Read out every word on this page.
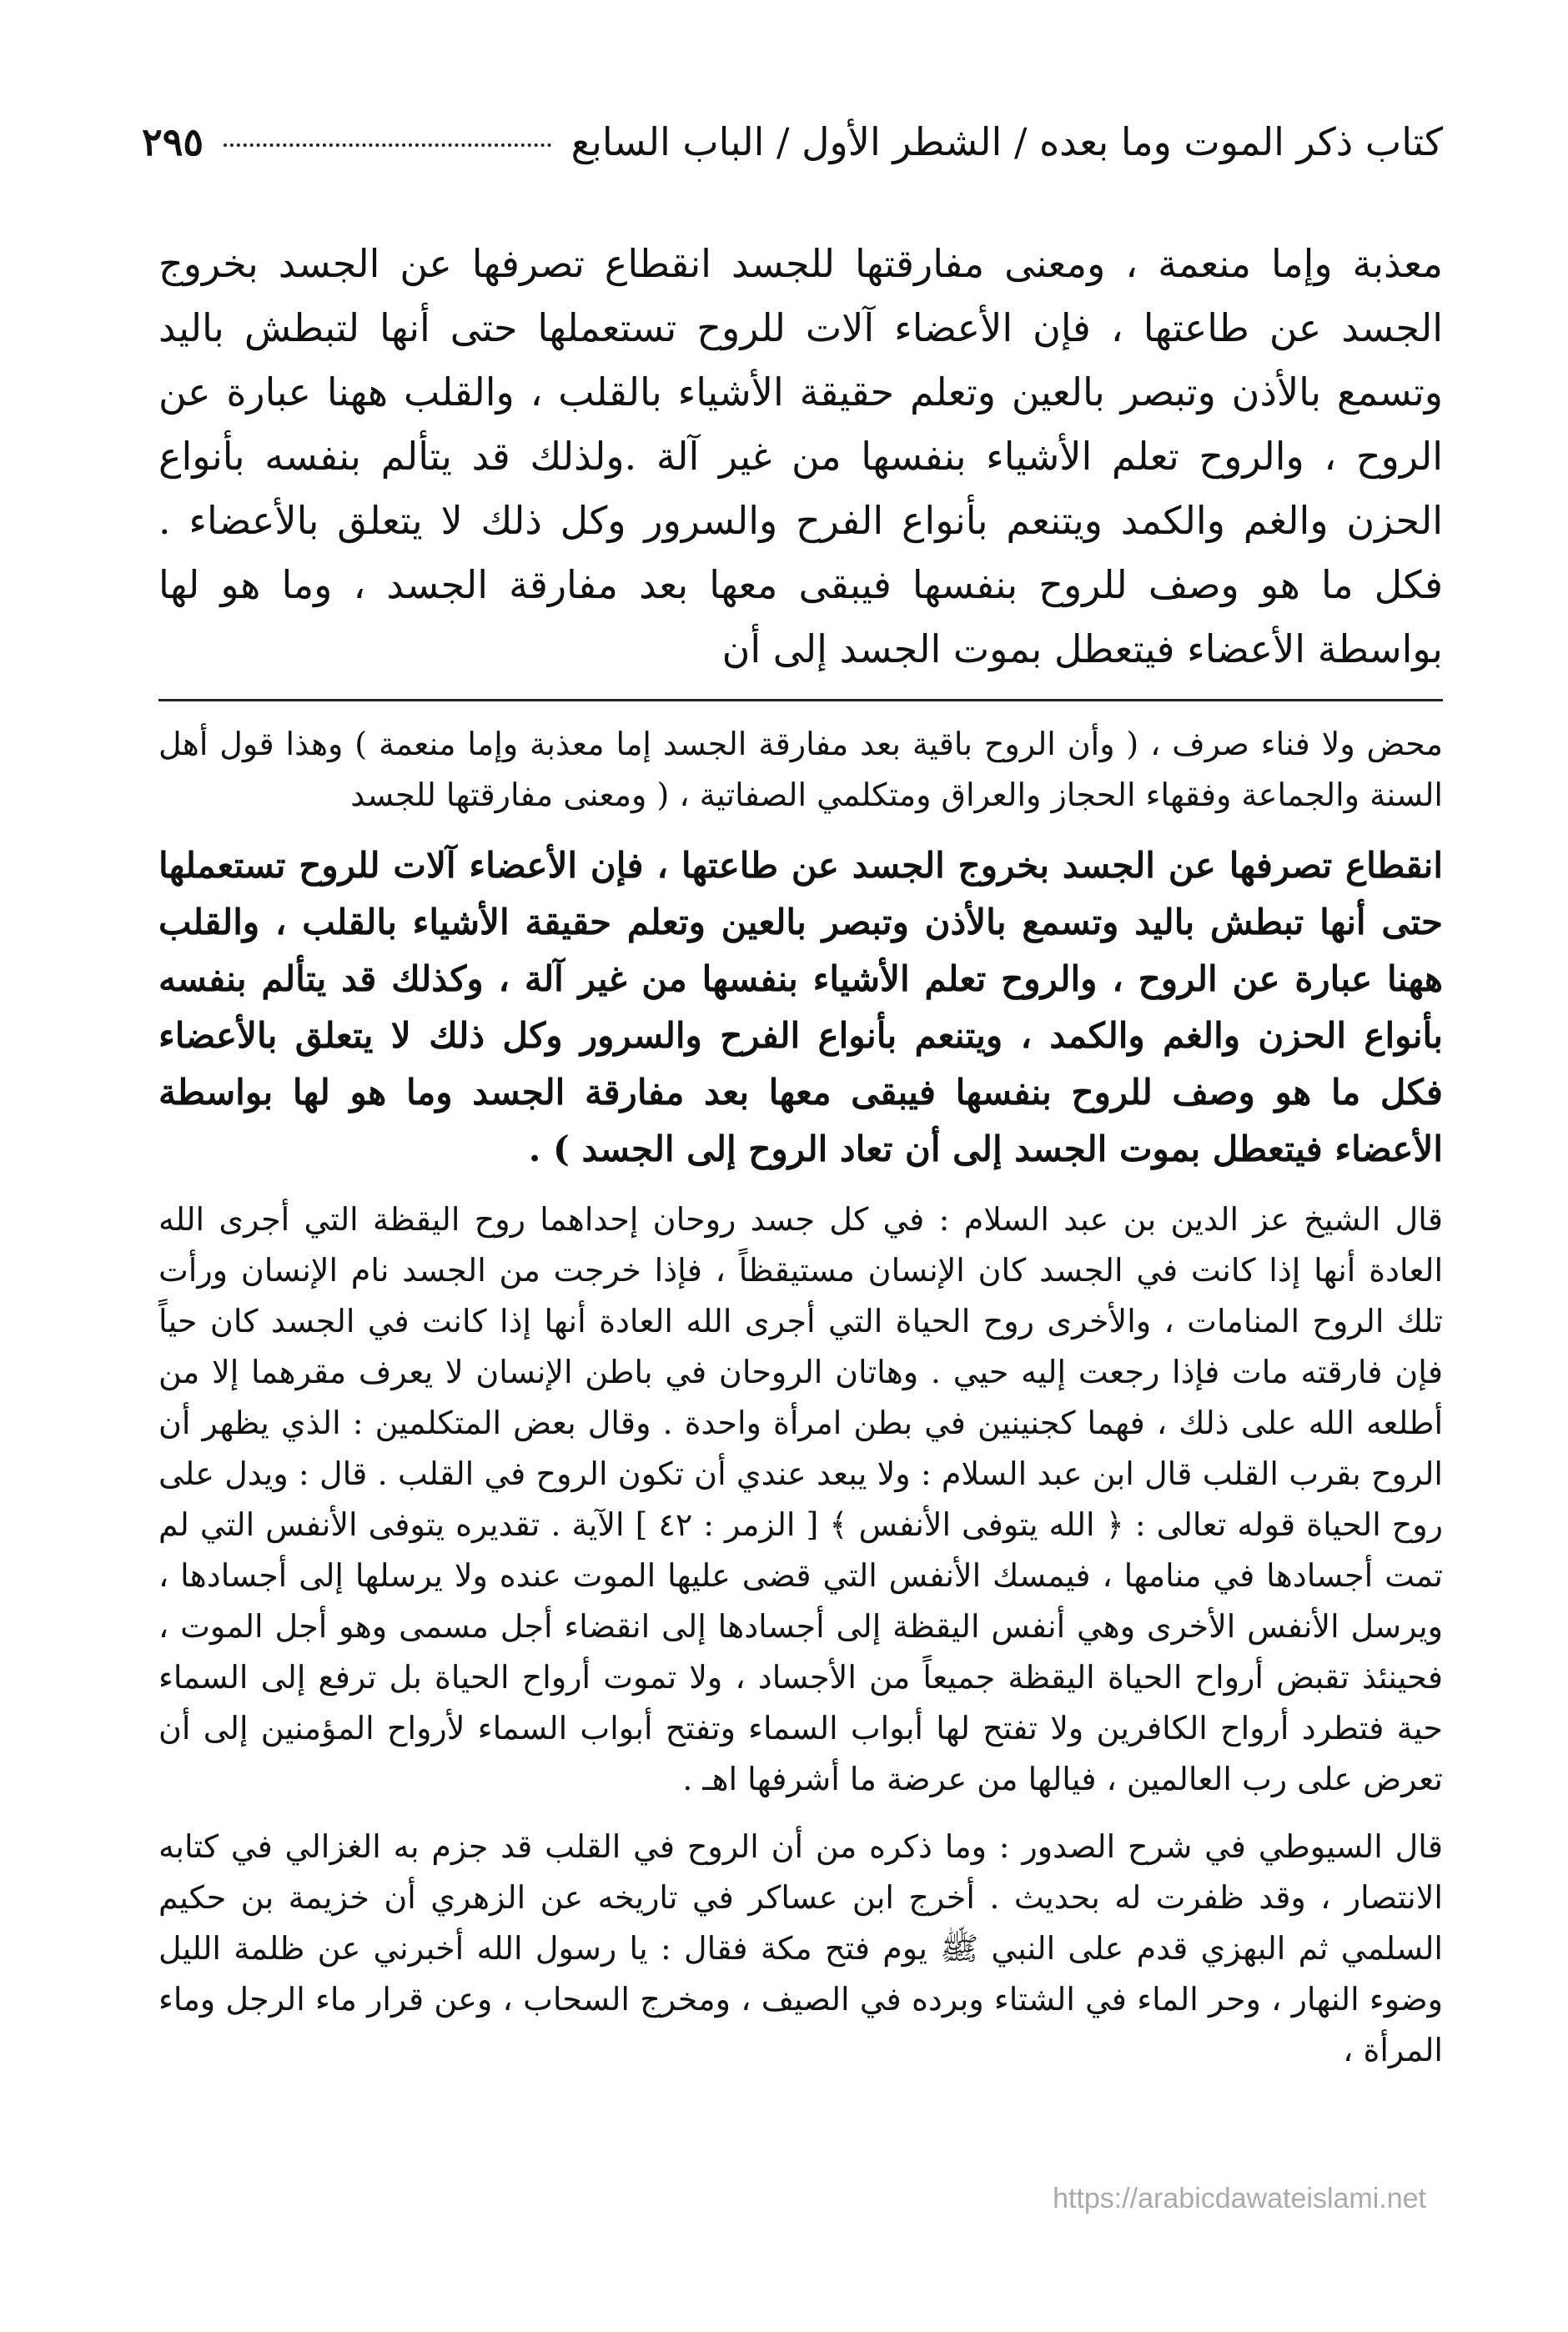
كتاب ذكر الموت وما بعده / الشطر الأول / الباب السابع
٢٩٥

معذبة وإما منعمة ، ومعنى مفارقتها للجسد انقطاع تصرفها عن الجسد بخروج الجسد عن طاعتها ، فإن الأعضاء آلات للروح تستعملها حتى أنها لتبطش باليد وتسمع بالأذن وتبصر بالعين وتعلم حقيقة الأشياء بالقلب ، والقلب ههنا عبارة عن الروح ، والروح تعلم الأشياء بنفسها من غير آلة .ولذلك قد يتألم بنفسه بأنواع الحزن والغم والكمد ويتنعم بأنواع الفرح والسرور وكل ذلك لا يتعلق بالأعضاء . فكل ما هو وصف للروح بنفسها فيبقى معها بعد مفارقة الجسد ، وما هو لها بواسطة الأعضاء فيتعطل بموت الجسد إلى أن

محض ولا فناء صرف ، ( وأن الروح باقية بعد مفارقة الجسد إما معذبة وإما منعمة ) وهذا قول أهل السنة والجماعة وفقهاء الحجاز والعراق ومتكلمي الصفاتية ، ( ومعنى مفارقتها للجسد

انقطاع تصرفها عن الجسد بخروج الجسد عن طاعتها ، فإن الأعضاء آلات للروح تستعملها حتى أنها تبطش باليد وتسمع بالأذن وتبصر بالعين وتعلم حقيقة الأشياء بالقلب ، والقلب ههنا عبارة عن الروح ، والروح تعلم الأشياء بنفسها من غير آلة ، وكذلك قد يتألم بنفسه بأنواع الحزن والغم والكمد ، ويتنعم بأنواع الفرح والسرور وكل ذلك لا يتعلق بالأعضاء فكل ما هو وصف للروح بنفسها فيبقى معها بعد مفارقة الجسد وما هو لها بواسطة الأعضاء فيتعطل بموت الجسد إلى أن تعاد الروح إلى الجسد ) .

قال الشيخ عز الدين بن عبد السلام : في كل جسد روحان إحداهما روح اليقظة التي أجرى الله العادة أنها إذا كانت في الجسد كان الإنسان مستيقظاً ، فإذا خرجت من الجسد نام الإنسان ورأت تلك الروح المنامات ، والأخرى روح الحياة التي أجرى الله العادة أنها إذا كانت في الجسد كان حياً فإن فارقته مات فإذا رجعت إليه حيي . وهاتان الروحان في باطن الإنسان لا يعرف مقرهما إلا من أطلعه الله على ذلك ، فهما كجنينين في بطن امرأة واحدة . وقال بعض المتكلمين : الذي يظهر أن الروح بقرب القلب قال ابن عبد السلام : ولا يبعد عندي أن تكون الروح في القلب . قال : ويدل على روح الحياة قوله تعالى : ﴿ الله يتوفى الأنفس ﴾ [ الزمر : ٤٢ ] الآية . تقديره يتوفى الأنفس التي لم تمت أجسادها في منامها ، فيمسك الأنفس التي قضى عليها الموت عنده ولا يرسلها إلى أجسادها ، ويرسل الأنفس الأخرى وهي أنفس اليقظة إلى أجسادها إلى انقضاء أجل مسمى وهو أجل الموت ، فحينئذ تقبض أرواح الحياة اليقظة جميعاً من الأجساد ، ولا تموت أرواح الحياة بل ترفع إلى السماء حية فتطرد أرواح الكافرين ولا تفتح لها أبواب السماء وتفتح أبواب السماء لأرواح المؤمنين إلى أن تعرض على رب العالمين ، فيالها من عرضة ما أشرفها اهـ .

قال السيوطي في شرح الصدور : وما ذكره من أن الروح في القلب قد جزم به الغزالي في كتابه الانتصار ، وقد ظفرت له بحديث . أخرج ابن عساكر في تاريخه عن الزهري أن خزيمة بن حكيم السلمي ثم البهزي قدم على النبي ﷺ يوم فتح مكة فقال : يا رسول الله أخبرني عن ظلمة الليل وضوء النهار ، وحر الماء في الشتاء وبرده في الصيف ، ومخرج السحاب ، وعن قرار ماء الرجل وماء المرأة ،

https://arabicdawateislami.net
